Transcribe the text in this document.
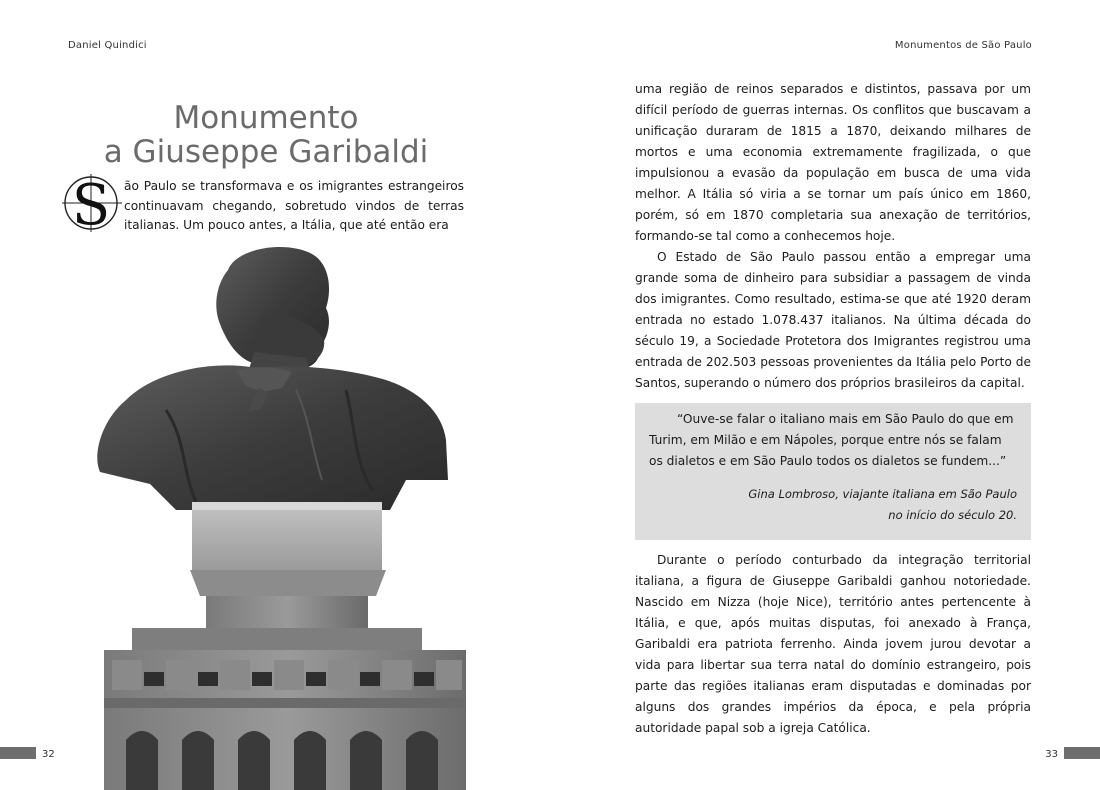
Daniel Quindici
Monumento
a Giuseppe Garibaldi
S ão Paulo se transformava e os imigrantes estrangeiros continuavam chegando, sobretudo vindos de terras italianas. Um pouco antes, a Itália, que até então era
32
Monumentos de São Paulo

uma região de reinos separados e distintos, passava por um difícil período de guerras internas. Os conflitos que buscavam a unificação duraram de 1815 a 1870, deixando milhares de mortos e uma economia extremamente fragilizada, o que impulsionou a evasão da população em busca de uma vida melhor. A Itália só viria a se tornar um país único em 1860, porém, só em 1870 completaria sua anexação de territórios, formando-se tal como a conhecemos hoje.

O Estado de São Paulo passou então a empregar uma grande soma de dinheiro para subsidiar a passagem de vinda dos imigrantes. Como resultado, estima-se que até 1920 deram entrada no estado 1.078.437 italianos. Na última década do século 19, a Sociedade Protetora dos Imigrantes registrou uma entrada de 202.503 pessoas provenientes da Itália pelo Porto de Santos, superando o número dos próprios brasileiros da capital.

“Ouve-se falar o italiano mais em São Paulo do que em Turim, em Milão e em Nápoles, porque entre nós se falam os dialetos e em São Paulo todos os dialetos se fundem...”

Gina Lombroso, viajante italiana em São Paulo
no início do século 20.

Durante o período conturbado da integração territorial italiana, a figura de Giuseppe Garibaldi ganhou notoriedade. Nascido em Nizza (hoje Nice), território antes pertencente à Itália, e que, após muitas disputas, foi anexado à França, Garibaldi era patriota ferrenho. Ainda jovem jurou devotar a vida para libertar sua terra natal do domínio estrangeiro, pois parte das regiões italianas eram disputadas e dominadas por alguns dos grandes impérios da época, e pela própria autoridade papal sob a igreja Católica.

33
